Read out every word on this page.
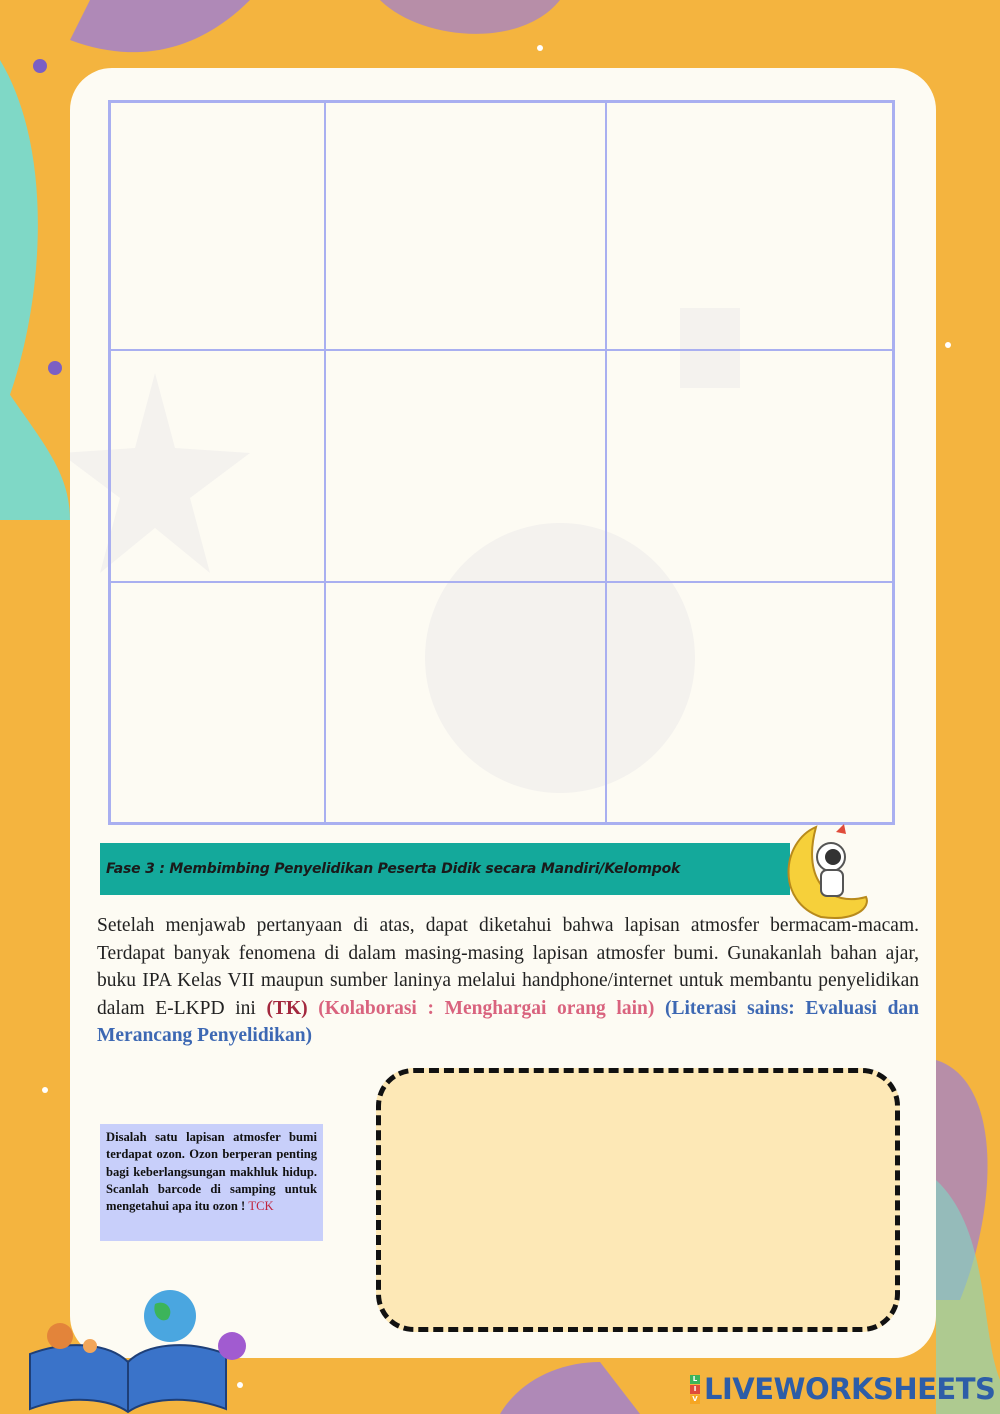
Fase 3 : Membimbing Penyelidikan Peserta Didik secara Mandiri/Kelompok
Setelah menjawab pertanyaan di atas, dapat diketahui bahwa lapisan atmosfer bermacam-macam. Terdapat banyak fenomena di dalam masing-masing lapisan atmosfer bumi. Gunakanlah bahan ajar, buku IPA Kelas VII maupun sumber laninya melalui handphone/internet untuk membantu penyelidikan dalam E-LKPD ini (TK) (Kolaborasi : Menghargai orang lain) (Literasi sains: Evaluasi dan Merancang Penyelidikan)
Disalah satu lapisan atmosfer bumi terdapat ozon. Ozon berperan penting bagi keberlangsungan makhluk hidup. Scanlah barcode di samping untuk mengetahui apa itu ozon ! TCK
L
I
V LIVEWORKSHEETS
